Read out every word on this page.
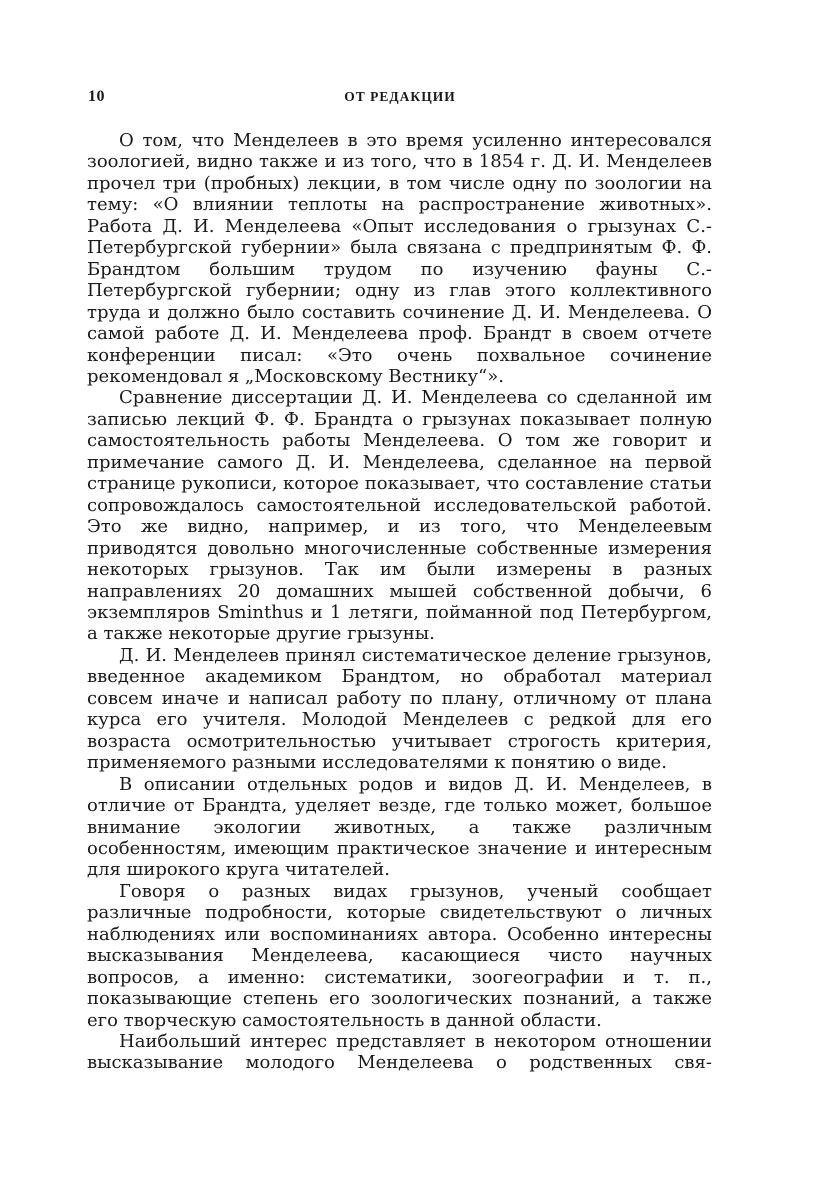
10	ОТ РЕДАКЦИИ

О том, что Менделеев в это время усиленно интересовался зоологией, видно также и из того, что в 1854 г. Д. И. Менделеев прочел три (пробных) лекции, в том числе одну по зоологии на тему: «О влиянии теплоты на распространение животных». Работа Д. И. Менделеева «Опыт исследования о грызунах С.-Петербургской губернии» была связана с предпринятым Ф. Ф. Брандтом большим трудом по изучению фауны С.-Петербургской губернии; одну из глав этого коллективного труда и должно было составить сочинение Д. И. Менделеева. О самой работе Д. И. Менделеева проф. Брандт в своем отчете конференции писал: «Это очень похвальное сочинение рекомендовал я „Московскому Вестнику“».

Сравнение диссертации Д. И. Менделеева со сделанной им записью лекций Ф. Ф. Брандта о грызунах показывает полную самостоятельность работы Менделеева. О том же говорит и примечание самого Д. И. Менделеева, сделанное на первой странице рукописи, которое показывает, что составление статьи сопровождалось самостоятельной исследовательской работой. Это же видно, например, и из того, что Менделеевым приводятся довольно многочисленные собственные измерения некоторых грызунов. Так им были измерены в разных направлениях 20 домашних мышей собственной добычи, 6 экземпляров Sminthus и 1 летяги, пойманной под Петербургом, а также некоторые другие грызуны.

Д. И. Менделеев принял систематическое деление грызунов, введенное академиком Брандтом, но обработал материал совсем иначе и написал работу по плану, отличному от плана курса его учителя. Молодой Менделеев с редкой для его возраста осмотрительностью учитывает строгость критерия, применяемого разными исследователями к понятию о виде.

В описании отдельных родов и видов Д. И. Менделеев, в отличие от Брандта, уделяет везде, где только может, большое внимание экологии животных, а также различным особенностям, имеющим практическое значение и интересным для широкого круга читателей.

Говоря о разных видах грызунов, ученый сообщает различные подробности, которые свидетельствуют о личных наблюдениях или воспоминаниях автора. Особенно интересны высказывания Менделеева, касающиеся чисто научных вопросов, а именно: систематики, зоогеографии и т. п., показывающие степень его зоологических познаний, а также его творческую самостоятельность в данной области.

Наибольший интерес представляет в некотором отношении высказывание молодого Менделеева о родственных свя-
